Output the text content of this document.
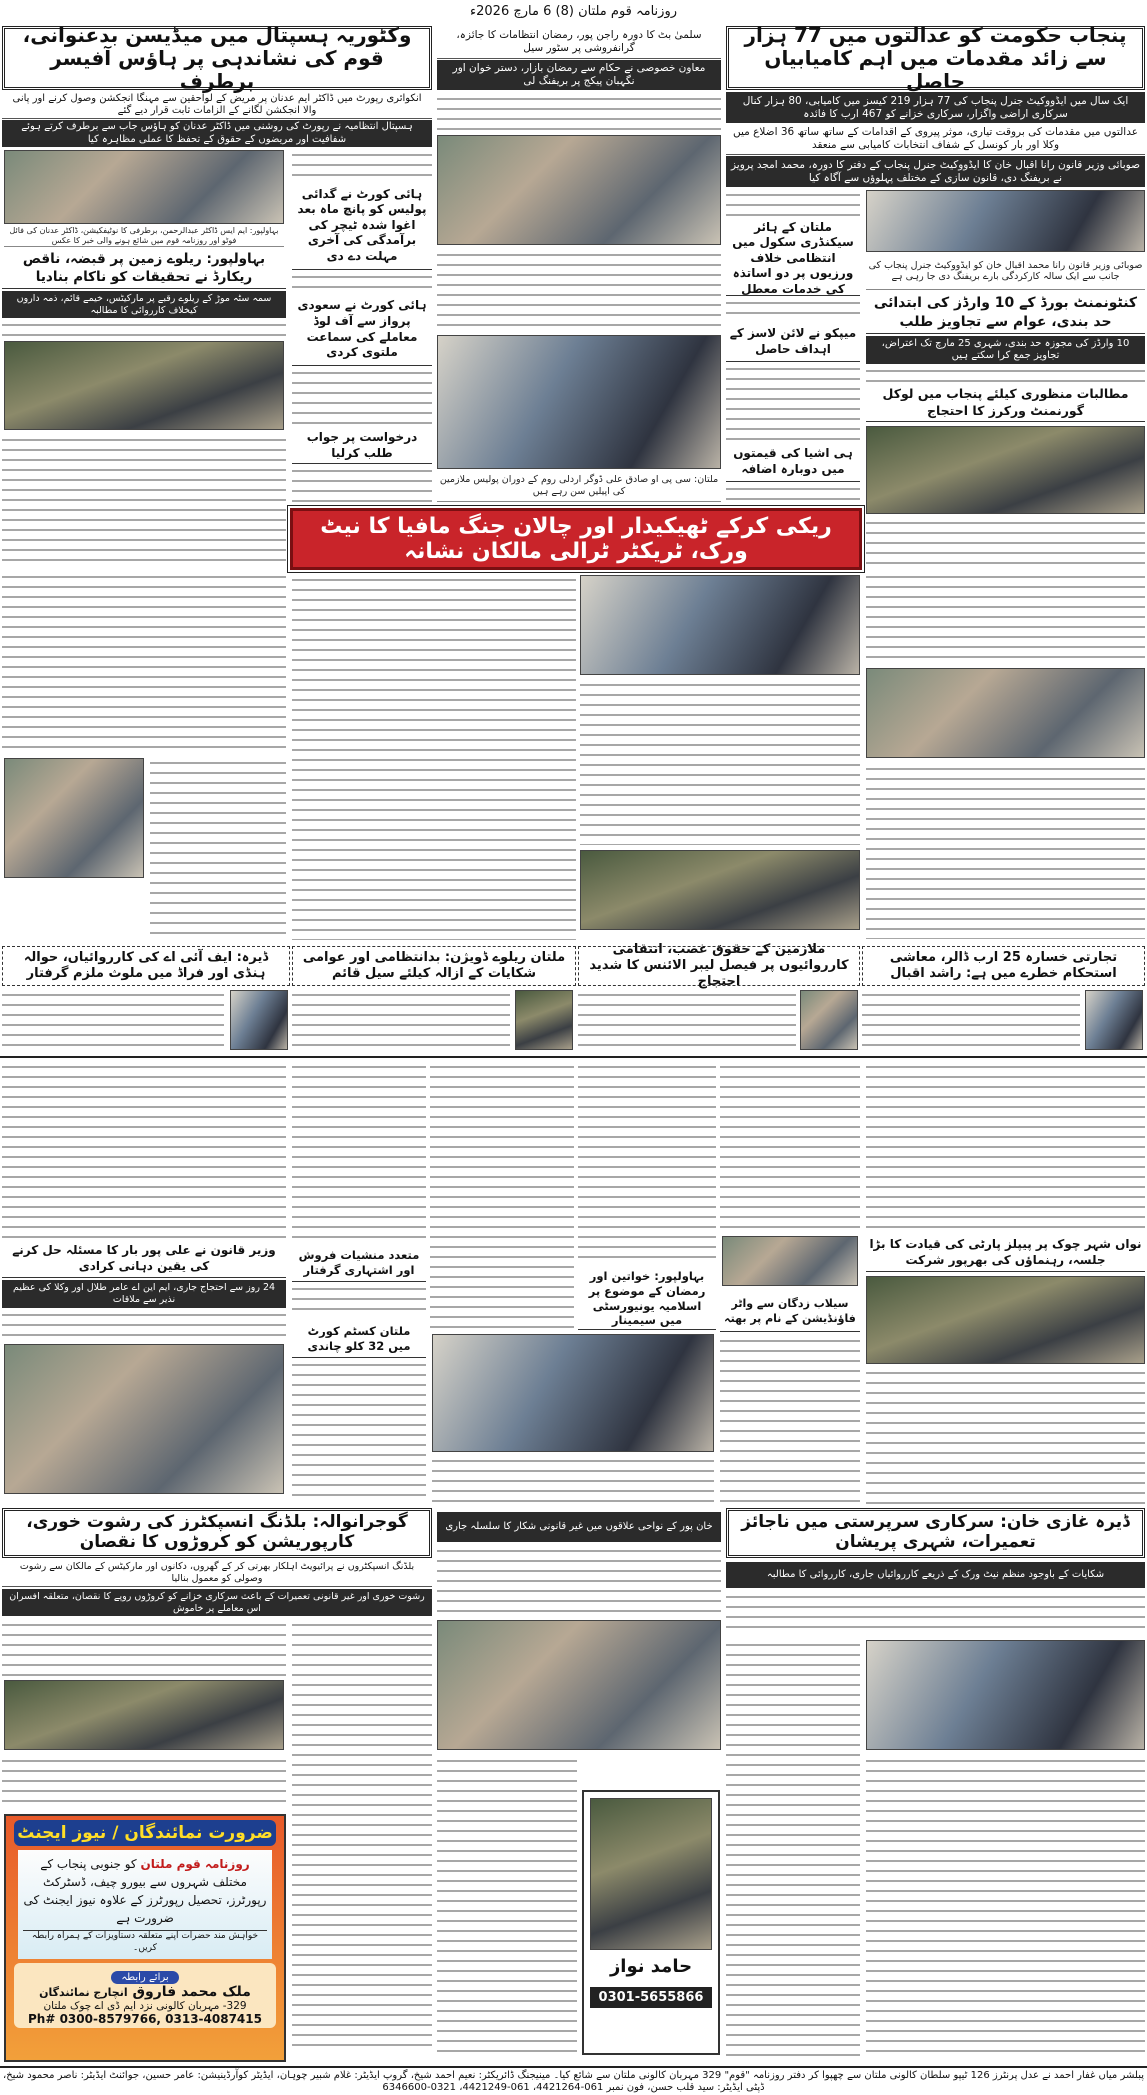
روزنامہ قوم ملتان (8) 6 مارچ 2026ء
وکٹوریہ ہسپتال میں میڈیسن بدعنوانی، قوم کی نشاندہی پر ہاؤس آفیسر برطرف
سلمیٰ بٹ کا دورہ راجن پور، رمضان انتظامات کا جائزہ، گرانفروشی پر سٹور سیل
معاون خصوصی نے حکام سے رمضان بازار، دستر خوان اور نگہبان پیکج پر بریفنگ لی
پنجاب حکومت کو عدالتوں میں 77 ہزار سے زائد مقدمات میں اہم کامیابیاں حاصل
ایک سال میں ایڈووکیٹ جنرل پنجاب کی 77 ہزار 219 کیسز میں کامیابی، 80 ہزار کنال سرکاری اراضی واگزار، سرکاری خزانے کو 467 ارب کا فائدہ
عدالتوں میں مقدمات کی بروقت تیاری، موثر پیروی کے اقدامات کے ساتھ ساتھ 36 اضلاع میں وکلا اور بار کونسل کے شفاف انتخابات کامیابی سے منعقد
صوبائی وزیر قانون رانا اقبال خان کا ایڈووکیٹ جنرل پنجاب کے دفتر کا دورہ، محمد امجد پرویز نے بریفنگ دی، قانون سازی کے مختلف پہلوؤں سے آگاہ کیا
صوبائی وزیر قانون رانا محمد اقبال خان کو ایڈووکیٹ جنرل پنجاب کی جانب سے ایک سالہ کارکردگی بارے بریفنگ دی جا رہی ہے
کنٹونمنٹ بورڈ کے 10 وارڈز کی ابتدائی حد بندی، عوام سے تجاویز طلب
10 وارڈز کی مجوزہ حد بندی، شہری 25 مارچ تک اعتراض، تجاویز جمع کرا سکتے ہیں
مطالبات منظوری کیلئے پنجاب میں لوکل گورنمنٹ ورکرز کا احتجاج
ملتان کے ہائر سیکنڈری سکول میں انتظامی خلاف ورزیوں پر دو اساتذہ کی خدمات معطل
میپکو نے لائن لاسز کے اہداف حاصل
ہی اشیا کی قیمتوں میں دوبارہ اضافہ
ملتان: سی پی او صادق علی ڈوگر اردلی روم کے دوران پولیس ملازمین کی اپیلیں سن رہے ہیں
درخواست پر جواب طلب کرلیا
انکوائری رپورٹ میں ڈاکٹر ایم عدنان پر مریض کے لواحقین سے مہنگا انجکشن وصول کرنے اور پانی والا انجکشن لگانے کے الزامات ثابت قرار دیے گئے
ہسپتال انتظامیہ نے رپورٹ کی روشنی میں ڈاکٹر عدنان کو ہاؤس جاب سے برطرف کرتے ہوئے شفافیت اور مریضوں کے حقوق کے تحفظ کا عملی مظاہرہ کیا
بہاولپور: ایم ایس ڈاکٹر عبدالرحمن، برطرفی کا نوٹیفکیشن، ڈاکٹر عدنان کی فائل فوٹو اور روزنامہ قوم میں شائع ہونے والی خبر کا عکس
ہائی کورٹ نے گدائی پولیس کو پانچ ماہ بعد اغوا شدہ ٹیچر کی برآمدگی کی آخری مہلت دے دی
ہائی کورٹ نے سعودی پرواز سے آف لوڈ معاملے کی سماعت ملتوی کردی
بہاولپور: ریلوے زمین پر قبضہ، ناقص ریکارڈ نے تحقیقات کو ناکام بنادیا
سمہ سٹہ موڑ کے ریلوے رقبے پر مارکیٹس، خیمے قائم، ذمہ داروں کیخلاف کارروائی کا مطالبہ
ریکی کرکے ٹھیکیدار اور چالان جنگ مافیا کا نیٹ ورک، ٹریکٹر ٹرالی مالکان نشانہ
تجارتی خسارہ 25 ارب ڈالر، معاشی استحکام خطرے میں ہے: راشد اقبال
ملازمین کے حقوق غصب، انتقامی کارروائیوں پر فیصل لیبر الائنس کا شدید احتجاج
ملتان ریلوے ڈویژن: بدانتظامی اور عوامی شکایات کے ازالہ کیلئے سیل قائم
ڈیرہ: ایف آئی اے کی کارروائیاں، حوالہ ہنڈی اور فراڈ میں ملوث ملزم گرفتار
نواں شہر چوک پر پیپلز پارٹی کی قیادت کا بڑا جلسہ، رہنماؤں کی بھرپور شرکت
سیلاب زدگان سے واٹر فاؤنڈیشن کے نام پر بھتہ
بہاولپور: خواتین اور رمضان کے موضوع پر اسلامیہ یونیورسٹی میں سیمینار
متعدد منشیات فروش اور اشتہاری گرفتار
ملتان کسٹم کورٹ میں 32 کلو چاندی
وزیر قانون نے علی پور بار کا مسئلہ حل کرنے کی یقین دہانی کرادی
24 روز سے احتجاج جاری، ایم این اے عامر طلال اور وکلا کی عظیم نذیر سے ملاقات
ڈیرہ غازی خان: سرکاری سرپرستی میں ناجائز تعمیرات، شہری پریشان
شکایات کے باوجود منظم نیٹ ورک کے ذریعے کارروائیاں جاری، کارروائی کا مطالبہ
گوجرانوالہ: بلڈنگ انسپکٹرز کی رشوت خوری، کارپوریشن کو کروڑوں کا نقصان
بلڈنگ انسپکٹروں نے پرائیویٹ اہلکار بھرتی کر کے گھروں، دکانوں اور مارکیٹس کے مالکان سے رشوت وصولی کو معمول بنالیا
رشوت خوری اور غیر قانونی تعمیرات کے باعث سرکاری خزانے کو کروڑوں روپے کا نقصان، متعلقہ افسران اس معاملے پر خاموش
خان پور کے نواحی علاقوں میں غیر قانونی شکار کا سلسلہ جاری
حامد نواز
0301-5655866
ضرورت نمائندگان / نیوز ایجنٹ
روزنامہ قوم ملتان کو جنوبی پنجاب کے مختلف شہروں سے بیورو چیف، ڈسٹرکٹ رپورٹرز، تحصیل رپورٹرز کے علاوہ نیوز ایجنٹ کی ضرورت ہے
خواہش مند حضرات اپنے متعلقہ دستاویزات کے ہمراہ رابطہ کریں۔
برائے رابطہ
ملک محمد فاروق انچارج نمائندگان
329- مہربان کالونی نزد ایم ڈی اے چوک ملتان
Ph# 0300-8579766, 0313-4087415
پبلشر میاں غفار احمد نے عدل پرنٹرز 126 ٹیپو سلطان کالونی ملتان سے چھپوا کر دفتر روزنامہ "قوم" 329 مہربان کالونی ملتان سے شائع کیا۔ مینیجنگ ڈائریکٹر: نعیم احمد شیخ، گروپ ایڈیٹر: غلام شبیر چوہان، ایڈیٹر کوآرڈینیشن: عامر حسین، جوائنٹ ایڈیٹر: ناصر محمود شیخ، ڈپٹی ایڈیٹر: سید قلب حسن، فون نمبر 061-4421264، 061-4421249، 0321-6346600
